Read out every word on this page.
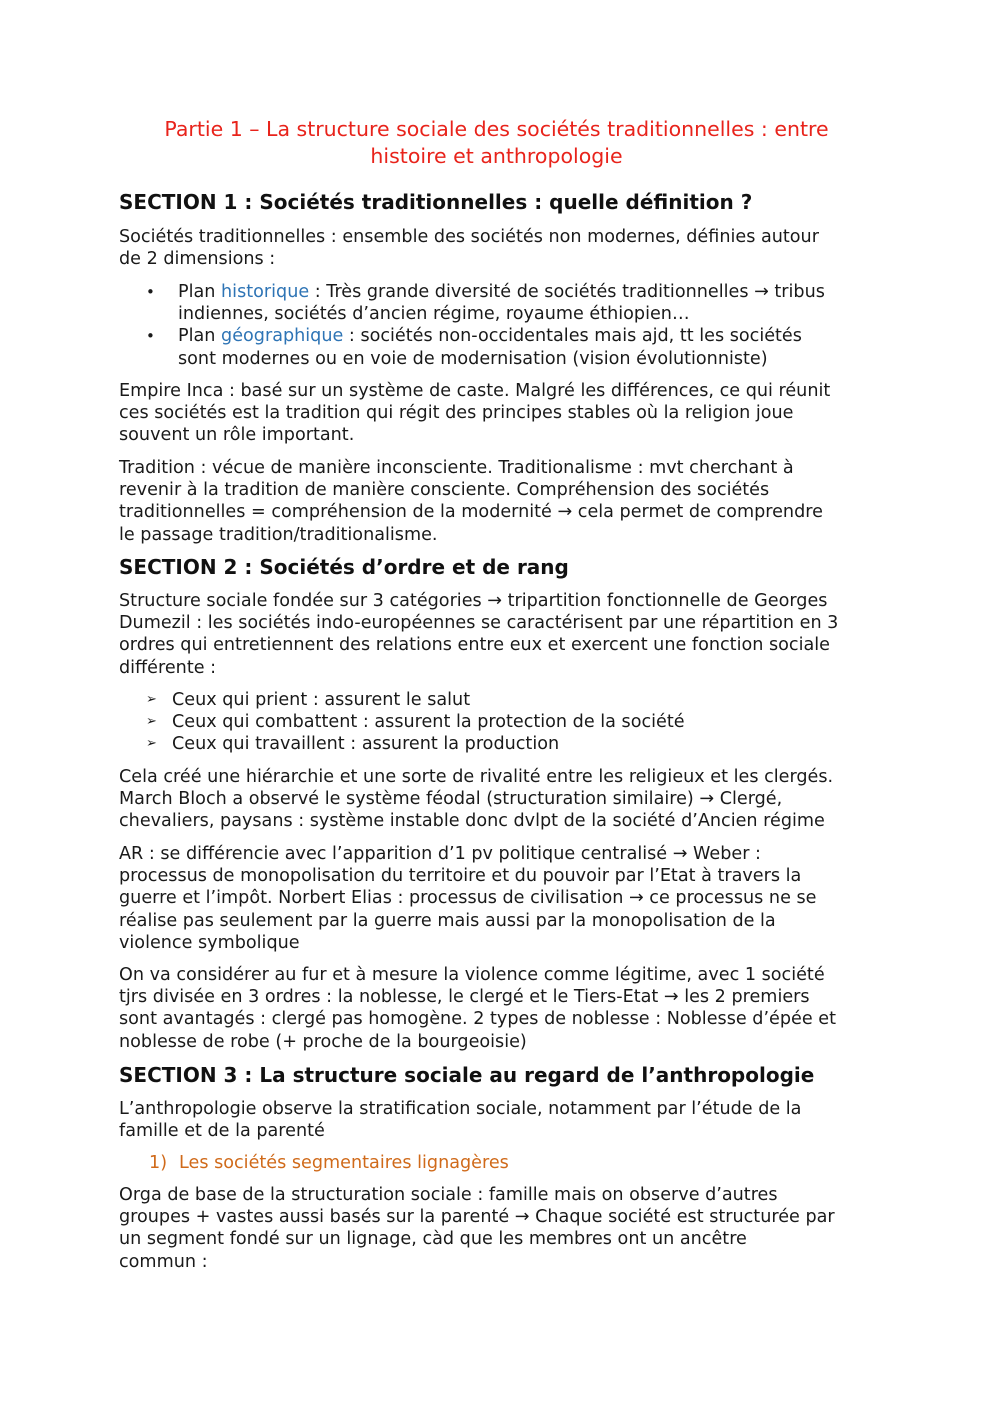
Partie 1 – La structure sociale des sociétés traditionnelles : entre
histoire et anthropologie
SECTION 1 : Sociétés traditionnelles : quelle définition ?
Sociétés traditionnelles : ensemble des sociétés non modernes, définies autour
de 2 dimensions :
• Plan historique : Très grande diversité de sociétés traditionnelles → tribus
indiennes, sociétés d’ancien régime, royaume éthiopien…
• Plan géographique : sociétés non-occidentales mais ajd, tt les sociétés
sont modernes ou en voie de modernisation (vision évolutionniste)
Empire Inca : basé sur un système de caste. Malgré les différences, ce qui réunit
ces sociétés est la tradition qui régit des principes stables où la religion joue
souvent un rôle important.
Tradition : vécue de manière inconsciente. Traditionalisme : mvt cherchant à
revenir à la tradition de manière consciente. Compréhension des sociétés
traditionnelles = compréhension de la modernité → cela permet de comprendre
le passage tradition/traditionalisme.
SECTION 2 : Sociétés d’ordre et de rang
Structure sociale fondée sur 3 catégories → tripartition fonctionnelle de Georges
Dumezil : les sociétés indo-européennes se caractérisent par une répartition en 3
ordres qui entretiennent des relations entre eux et exercent une fonction sociale
différente :
➢ Ceux qui prient : assurent le salut
➢ Ceux qui combattent : assurent la protection de la société
➢ Ceux qui travaillent : assurent la production
Cela créé une hiérarchie et une sorte de rivalité entre les religieux et les clergés.
March Bloch a observé le système féodal (structuration similaire) → Clergé,
chevaliers, paysans : système instable donc dvlpt de la société d’Ancien régime
AR : se différencie avec l’apparition d’1 pv politique centralisé → Weber :
processus de monopolisation du territoire et du pouvoir par l’Etat à travers la
guerre et l’impôt. Norbert Elias : processus de civilisation → ce processus ne se
réalise pas seulement par la guerre mais aussi par la monopolisation de la
violence symbolique
On va considérer au fur et à mesure la violence comme légitime, avec 1 société
tjrs divisée en 3 ordres : la noblesse, le clergé et le Tiers-Etat → les 2 premiers
sont avantagés : clergé pas homogène. 2 types de noblesse : Noblesse d’épée et
noblesse de robe (+ proche de la bourgeoisie)
SECTION 3 : La structure sociale au regard de l’anthropologie
L’anthropologie observe la stratification sociale, notamment par l’étude de la
famille et de la parenté
1) Les sociétés segmentaires lignagères
Orga de base de la structuration sociale : famille mais on observe d’autres
groupes + vastes aussi basés sur la parenté → Chaque société est structurée par
un segment fondé sur un lignage, càd que les membres ont un ancêtre
commun :
